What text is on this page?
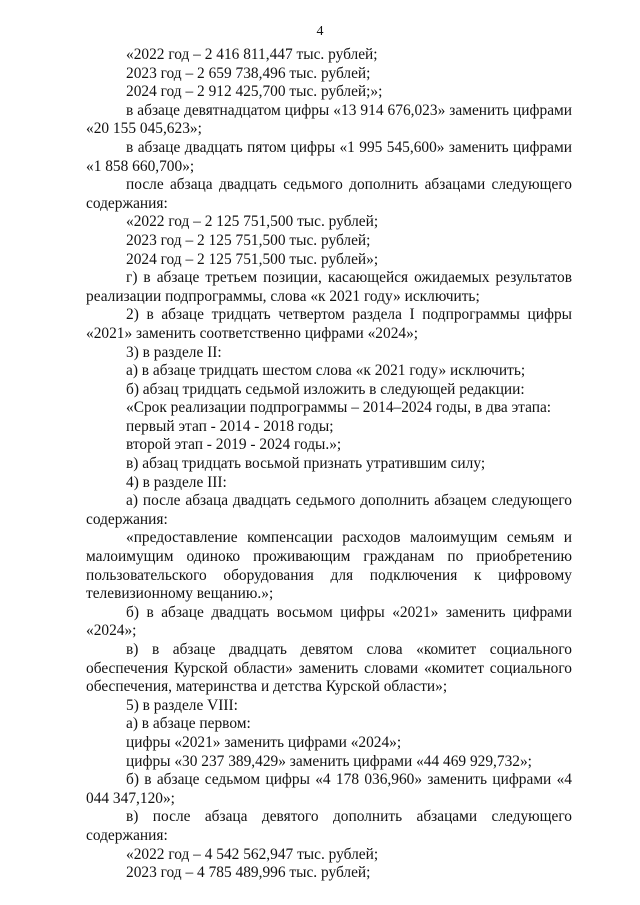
4

«2022 год – 2 416 811,447 тыс. рублей;

2023 год – 2 659 738,496 тыс. рублей;

2024 год – 2 912 425,700 тыс. рублей;»;

в абзаце девятнадцатом цифры «13 914 676,023» заменить цифрами «20 155 045,623»;

в абзаце двадцать пятом цифры «1 995 545,600» заменить цифрами «1 858 660,700»;

после абзаца двадцать седьмого дополнить абзацами следующего содержания:

«2022 год – 2 125 751,500 тыс. рублей;

2023 год – 2 125 751,500 тыс. рублей;

2024 год – 2 125 751,500 тыс. рублей»;

г) в абзаце третьем позиции, касающейся ожидаемых результатов реализации подпрограммы, слова «к 2021 году» исключить;

2) в абзаце тридцать четвертом раздела I подпрограммы цифры «2021» заменить соответственно цифрами «2024»;

3) в разделе II:

а) в абзаце тридцать шестом слова «к 2021 году» исключить;

б) абзац тридцать седьмой изложить в следующей редакции:

«Срок реализации подпрограммы – 2014–2024 годы, в два этапа:

первый этап - 2014 - 2018 годы;

второй этап - 2019 - 2024 годы.»;

в) абзац тридцать восьмой признать утратившим силу;

4) в разделе III:

а) после абзаца двадцать седьмого дополнить абзацем следующего содержания:

«предоставление компенсации расходов малоимущим семьям и малоимущим одиноко проживающим гражданам по приобретению пользовательского оборудования для подключения к цифровому телевизионному вещанию.»;

б) в абзаце двадцать восьмом цифры «2021» заменить цифрами «2024»;

в) в абзаце двадцать девятом слова «комитет социального обеспечения Курской области» заменить словами «комитет социального обеспечения, материнства и детства Курской области»;

5) в разделе VIII:

а) в абзаце первом:

цифры «2021» заменить цифрами «2024»;

цифры «30 237 389,429» заменить цифрами «44 469 929,732»;

б) в абзаце седьмом цифры «4 178 036,960» заменить цифрами «4 044 347,120»;

в) после абзаца девятого дополнить абзацами следующего содержания:

«2022 год – 4 542 562,947 тыс. рублей;

2023 год – 4 785 489,996 тыс. рублей;
